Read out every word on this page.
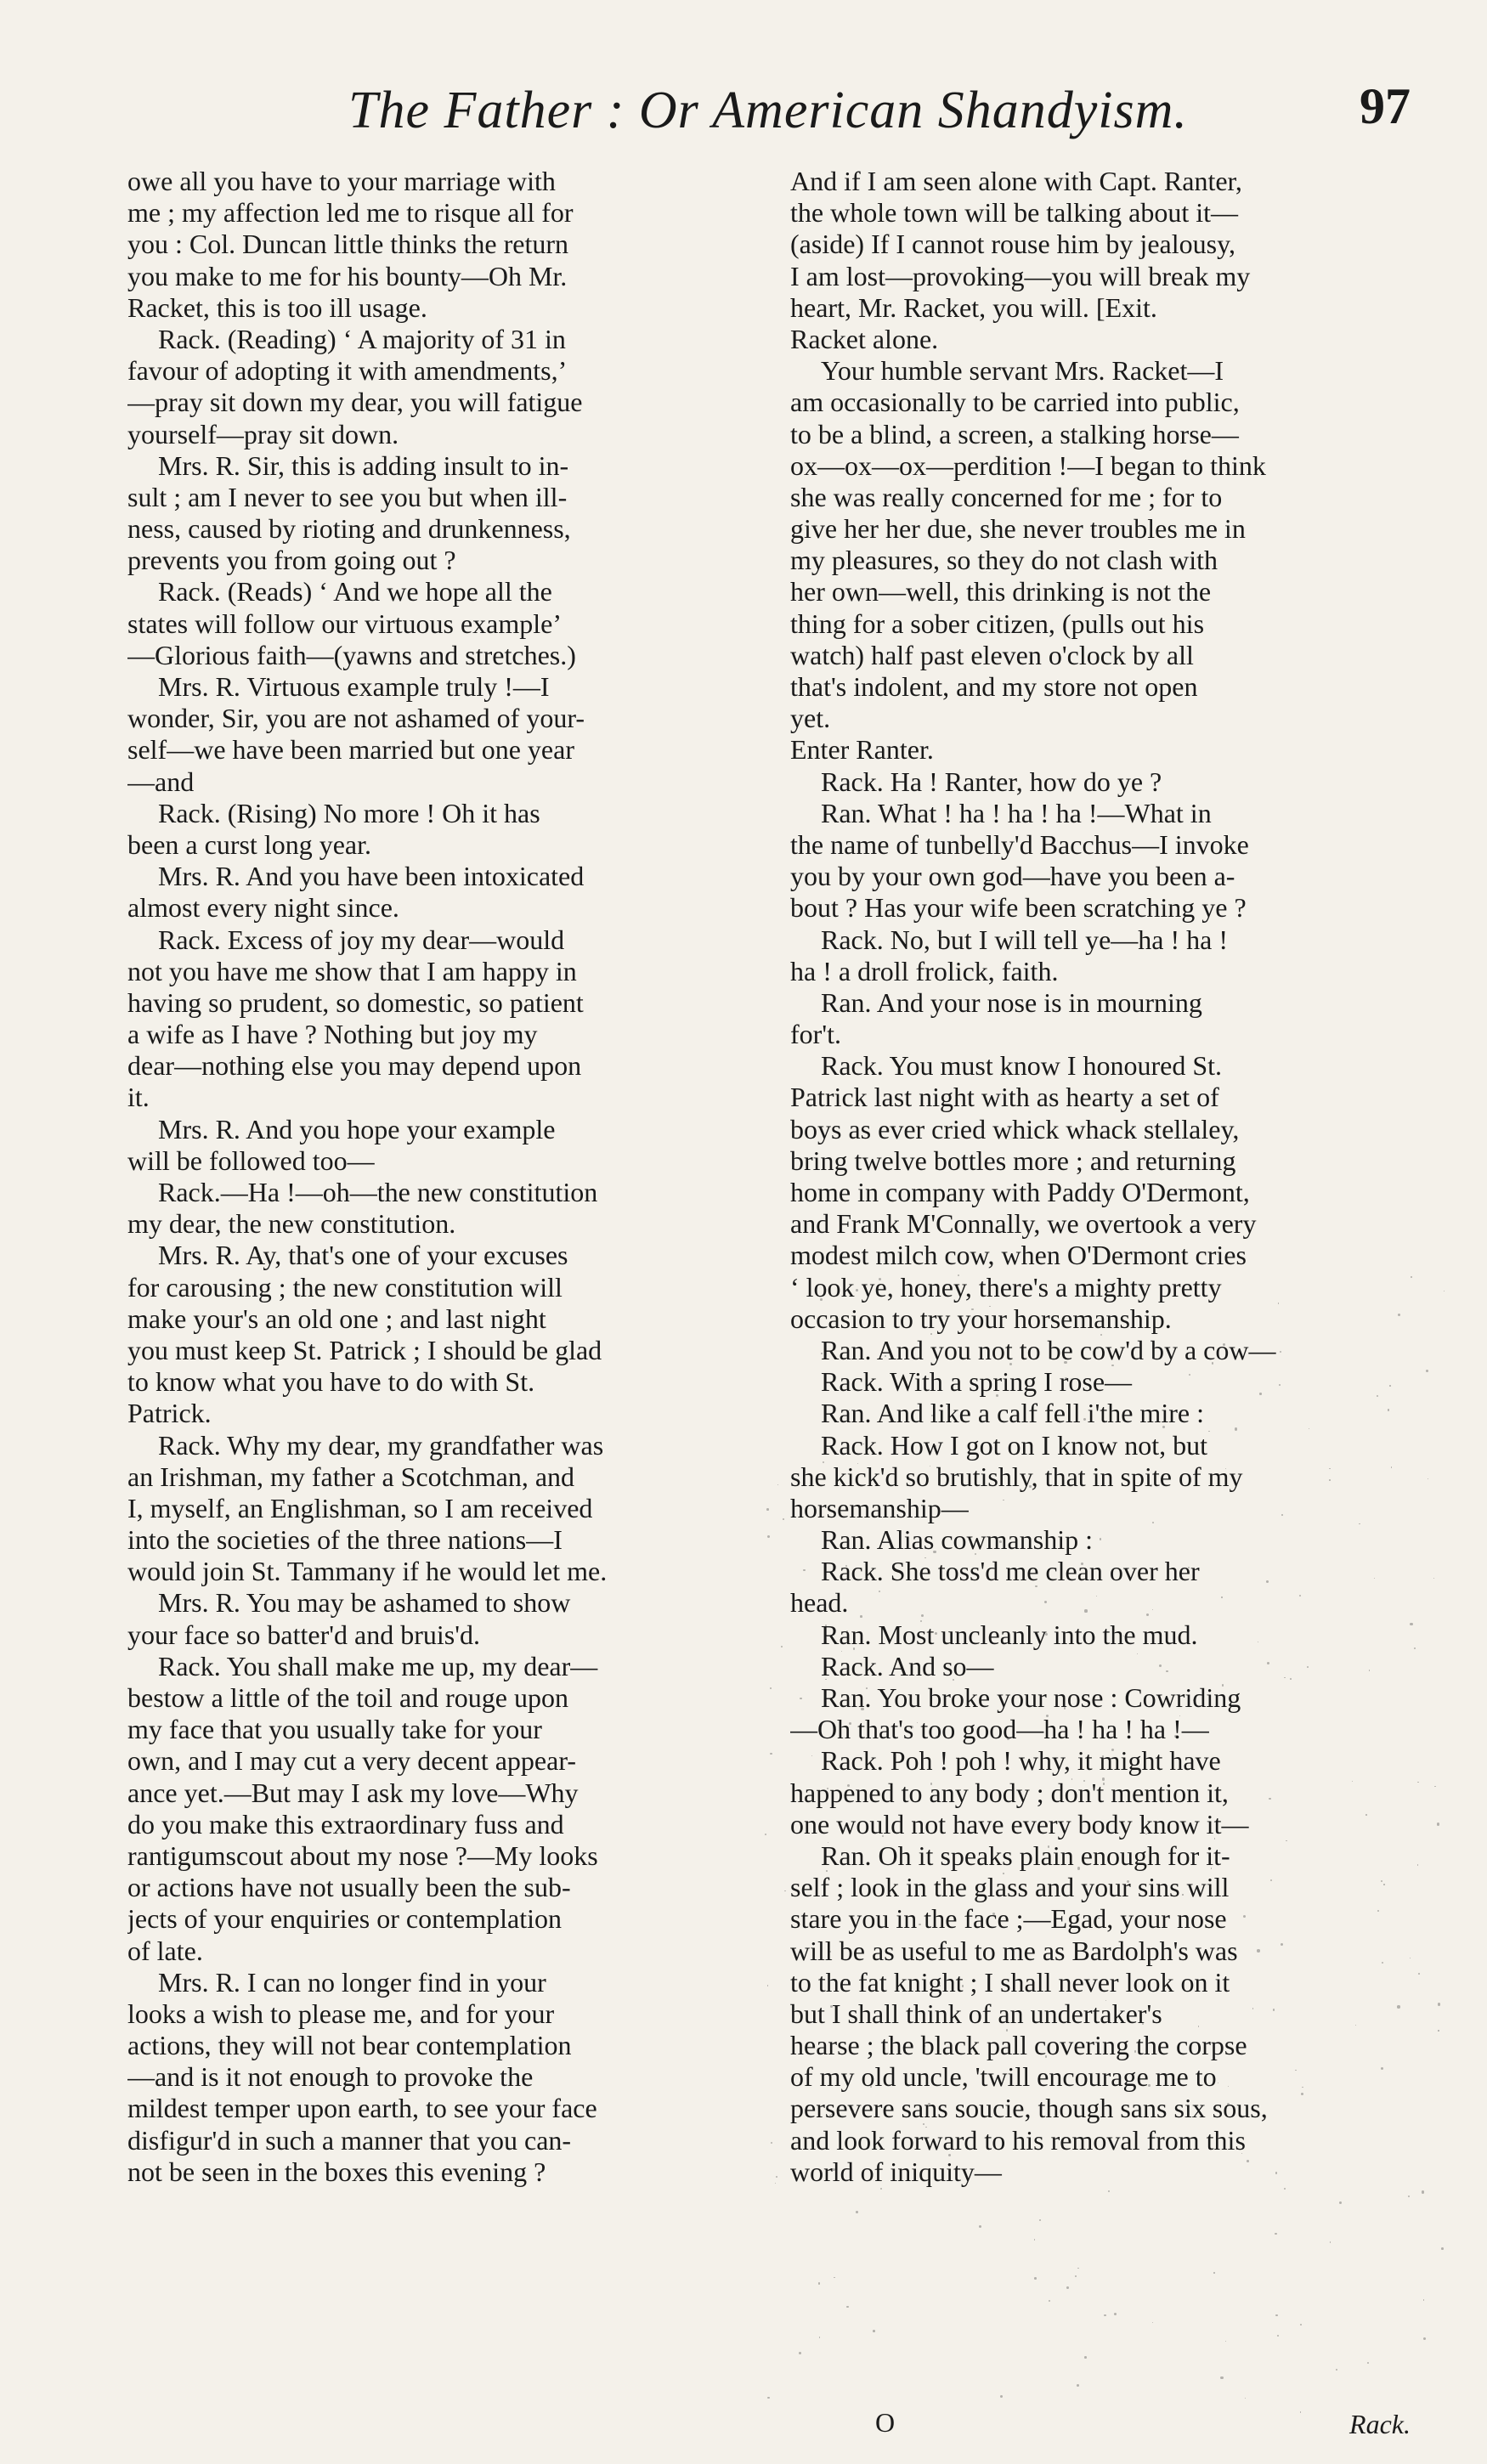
The Father : Or American Shandyism.	97
owe all you have to your marriage with
me ; my affection led me to risque all for
you : Col. Duncan little thinks the return
you make to me for his bounty—Oh Mr.
Racket, this is too ill usage.
Rack. (Reading) ‘ A majority of 31 in
favour of adopting it with amendments,’
—pray sit down my dear, you will fatigue
yourself—pray sit down.
Mrs. R. Sir, this is adding insult to in-
sult ; am I never to see you but when ill-
ness, caused by rioting and drunkenness,
prevents you from going out ?
Rack. (Reads) ‘ And we hope all the
states will follow our virtuous example’
—Glorious faith—(yawns and stretches.)
Mrs. R. Virtuous example truly !—I
wonder, Sir, you are not ashamed of your-
self—we have been married but one year
—and
Rack. (Rising) No more ! Oh it has
been a curst long year.
Mrs. R. And you have been intoxicated
almost every night since.
Rack. Excess of joy my dear—would
not you have me show that I am happy in
having so prudent, so domestic, so patient
a wife as I have ? Nothing but joy my
dear—nothing else you may depend upon
it.
Mrs. R. And you hope your example
will be followed too—
Rack.—Ha !—oh—the new constitution
my dear, the new constitution.
Mrs. R. Ay, that's one of your excuses
for carousing ; the new constitution will
make your's an old one ; and last night
you must keep St. Patrick ; I should be glad
to know what you have to do with St.
Patrick.
Rack. Why my dear, my grandfather was
an Irishman, my father a Scotchman, and
I, myself, an Englishman, so I am received
into the societies of the three nations—I
would join St. Tammany if he would let me.
Mrs. R. You may be ashamed to show
your face so batter'd and bruis'd.
Rack. You shall make me up, my dear—
bestow a little of the toil and rouge upon
my face that you usually take for your
own, and I may cut a very decent appear-
ance yet.—But may I ask my love—Why
do you make this extraordinary fuss and
rantigumscout about my nose ?—My looks
or actions have not usually been the sub-
jects of your enquiries or contemplation
of late.
Mrs. R. I can no longer find in your
looks a wish to please me, and for your
actions, they will not bear contemplation
—and is it not enough to provoke the
mildest temper upon earth, to see your face
disfigur'd in such a manner that you can-
not be seen in the boxes this evening ?
And if I am seen alone with Capt. Ranter,
the whole town will be talking about it—
(aside) If I cannot rouse him by jealousy,
I am lost—provoking—you will break my
heart, Mr. Racket, you will. [Exit.
Racket alone.
Your humble servant Mrs. Racket—I
am occasionally to be carried into public,
to be a blind, a screen, a stalking horse—
ox—ox—ox—perdition !—I began to think
she was really concerned for me ; for to
give her her due, she never troubles me in
my pleasures, so they do not clash with
her own—well, this drinking is not the
thing for a sober citizen, (pulls out his
watch) half past eleven o'clock by all
that's indolent, and my store not open
yet.
Enter Ranter.
Rack. Ha ! Ranter, how do ye ?
Ran. What ! ha ! ha ! ha !—What in
the name of tunbelly'd Bacchus—I invoke
you by your own god—have you been a-
bout ? Has your wife been scratching ye ?
Rack. No, but I will tell ye—ha ! ha !
ha ! a droll frolick, faith.
Ran. And your nose is in mourning
for't.
Rack. You must know I honoured St.
Patrick last night with as hearty a set of
boys as ever cried whick whack stellaley,
bring twelve bottles more ; and returning
home in company with Paddy O'Dermont,
and Frank M'Connally, we overtook a very
modest milch cow, when O'Dermont cries
‘ look ye, honey, there's a mighty pretty
occasion to try your horsemanship.
Ran. And you not to be cow'd by a cow—
Rack. With a spring I rose—
Ran. And like a calf fell i'the mire :
Rack. How I got on I know not, but
she kick'd so brutishly, that in spite of my
horsemanship—
Ran. Alias cowmanship :
Rack. She toss'd me clean over her
head.
Ran. Most uncleanly into the mud.
Rack. And so—
Ran. You broke your nose : Cowriding
—Oh that's too good—ha ! ha ! ha !—
Rack. Poh ! poh ! why, it might have
happened to any body ; don't mention it,
one would not have every body know it—
Ran. Oh it speaks plain enough for it-
self ; look in the glass and your sins will
stare you in the face ;—Egad, your nose
will be as useful to me as Bardolph's was
to the fat knight ; I shall never look on it
but I shall think of an undertaker's
hearse ; the black pall covering the corpse
of my old uncle, 'twill encourage me to
persevere sans soucie, though sans six sous,
and look forward to his removal from this
world of iniquity—
O	Rack.
